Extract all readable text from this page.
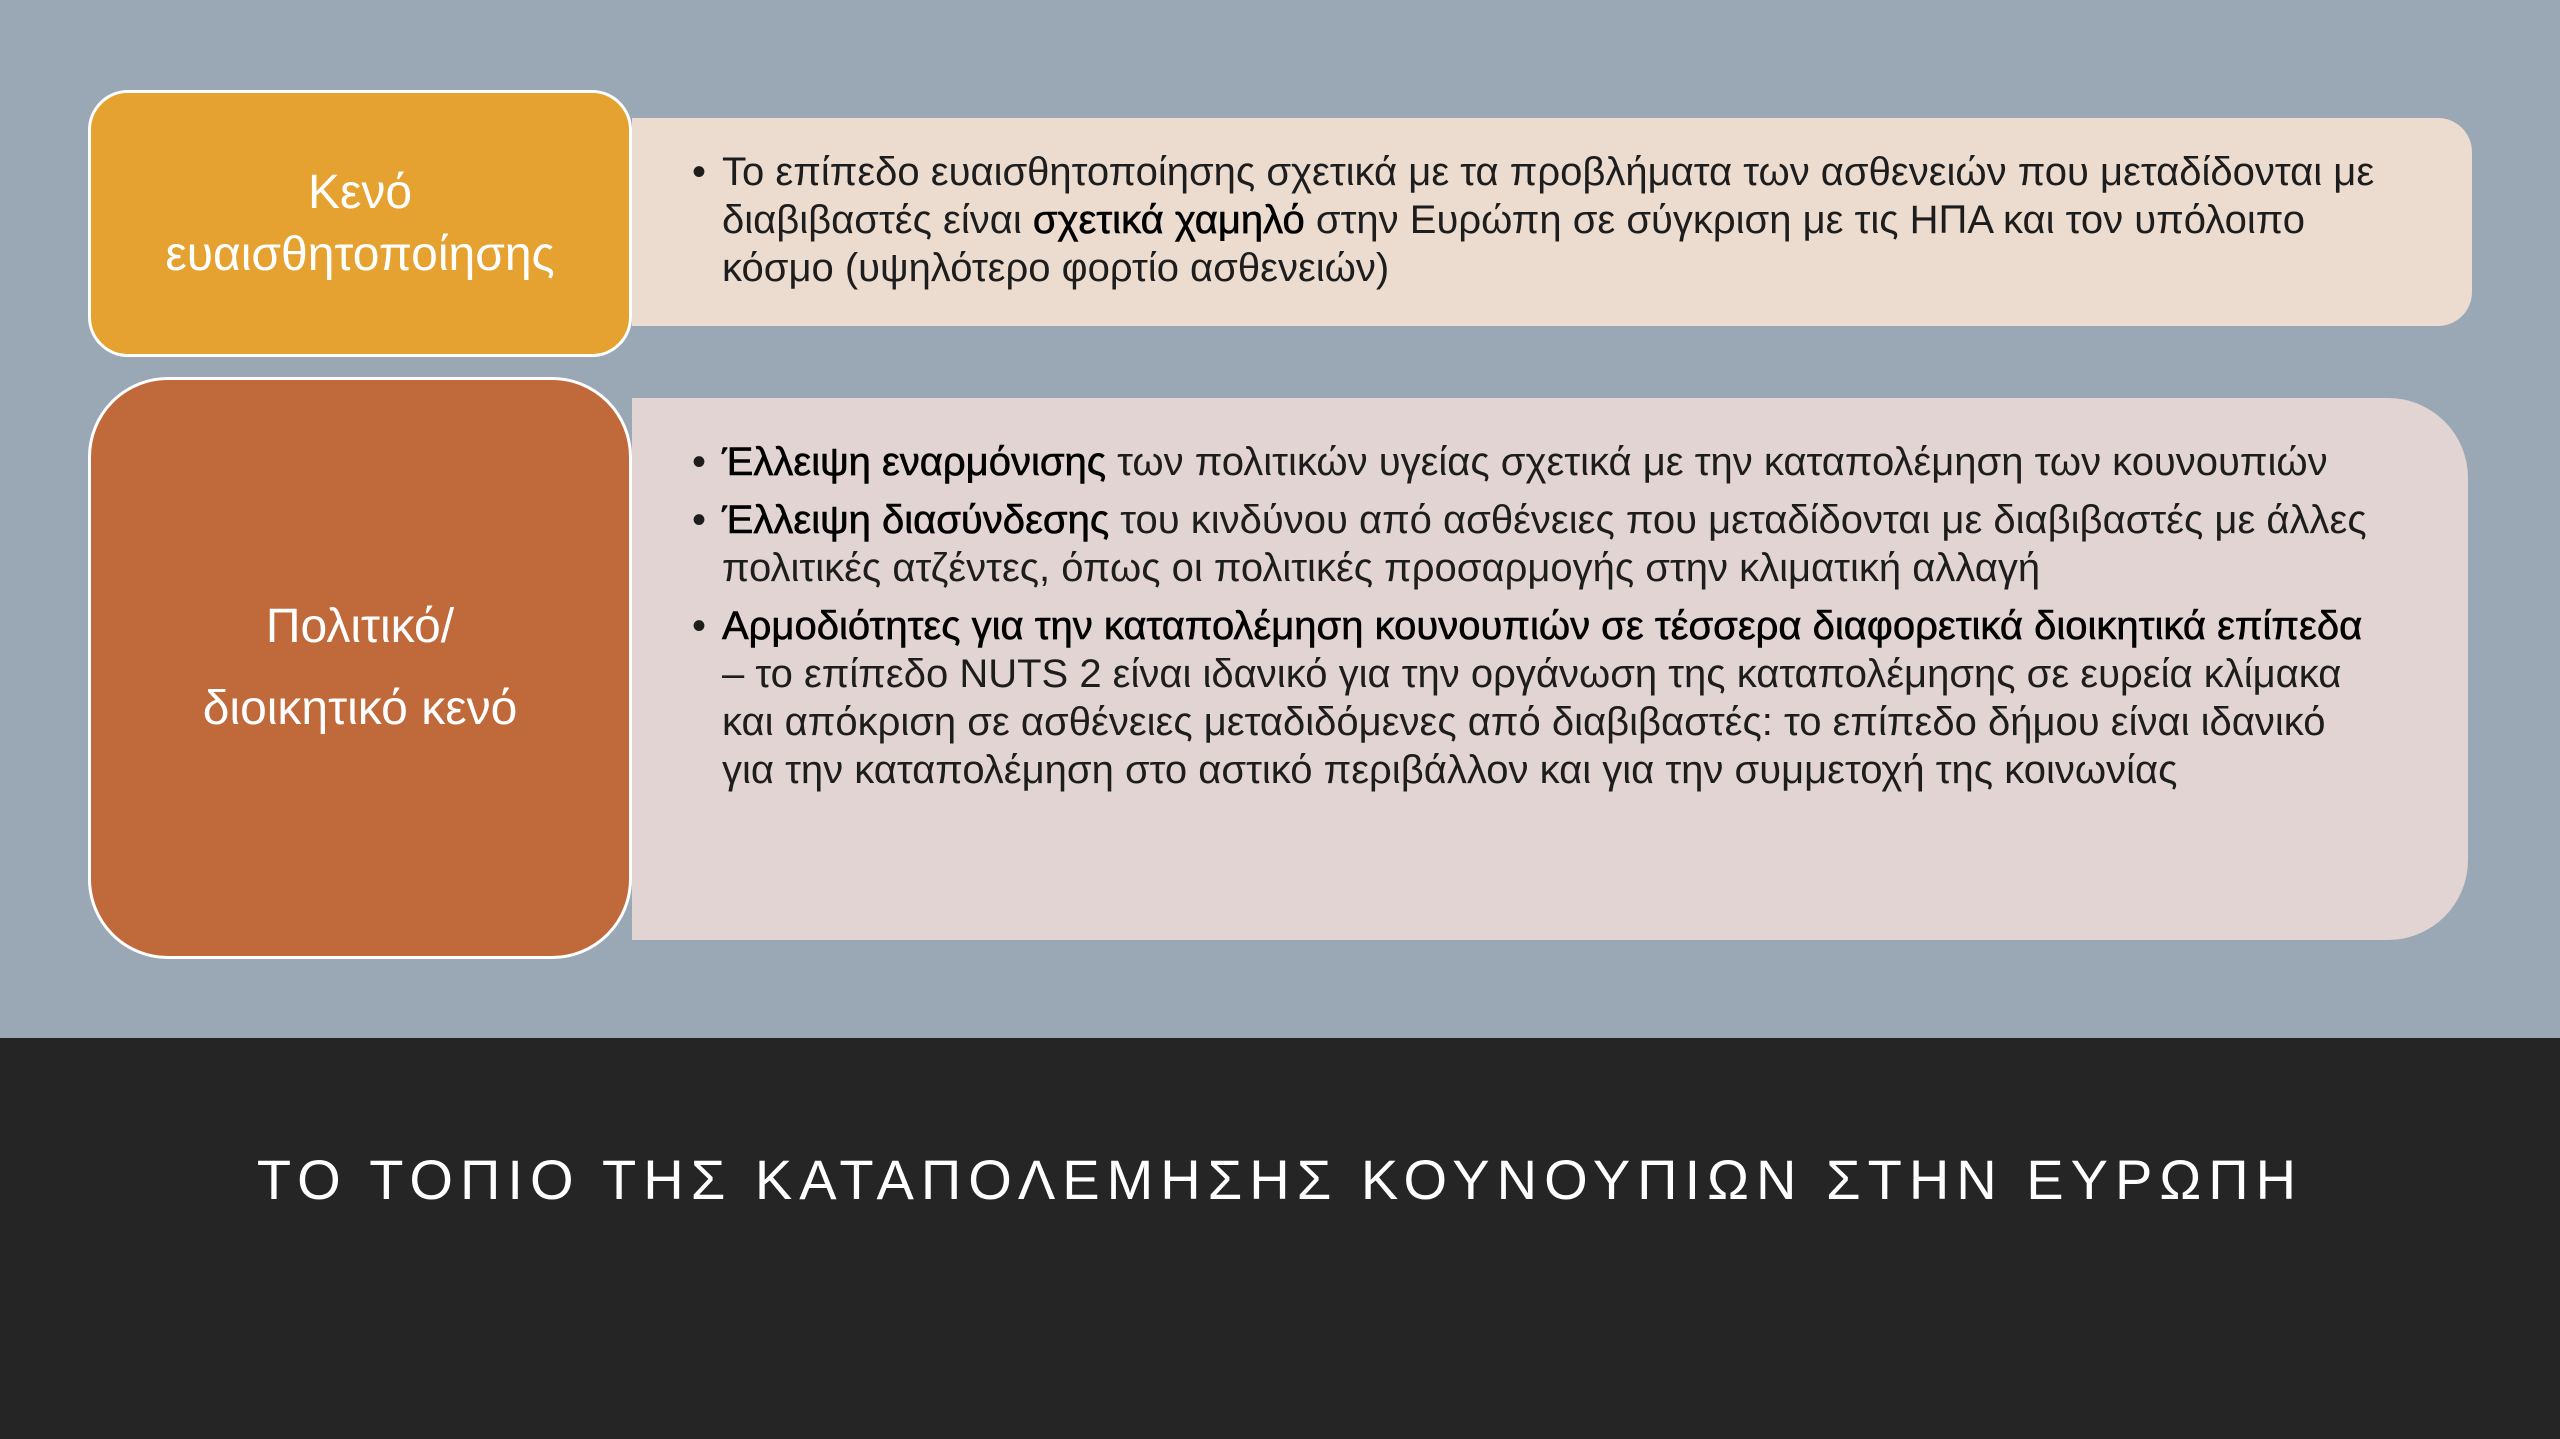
Κενό
ευαισθητοποίησης
• Το επίπεδο ευαισθητοποίησης σχετικά με τα προβλήματα των ασθενειών που μεταδίδονται με διαβιβαστές είναι σχετικά χαμηλό στην Ευρώπη σε σύγκριση με τις ΗΠΑ και τον υπόλοιπο κόσμο (υψηλότερο φορτίο ασθενειών)
Πολιτικό/
διοικητικό κενό
• Έλλειψη εναρμόνισης των πολιτικών υγείας σχετικά με την καταπολέμηση των κουνουπιών
• Έλλειψη διασύνδεσης του κινδύνου από ασθένειες που μεταδίδονται με διαβιβαστές με άλλες πολιτικές ατζέντες, όπως οι πολιτικές προσαρμογής στην κλιματική αλλαγή
• Αρμοδιότητες για την καταπολέμηση κουνουπιών σε τέσσερα διαφορετικά διοικητικά επίπεδα – το επίπεδο NUTS 2 είναι ιδανικό για την οργάνωση της καταπολέμησης σε ευρεία κλίμακα και απόκριση σε ασθένειες μεταδιδόμενες από διαβιβαστές: το επίπεδο δήμου είναι ιδανικό για την καταπολέμηση στο αστικό περιβάλλον και για την συμμετοχή της κοινωνίας
ΤΟ ΤΟΠΙΟ ΤΗΣ ΚΑΤΑΠΟΛΕΜΗΣΗΣ ΚΟΥΝΟΥΠΙΩΝ ΣΤΗΝ ΕΥΡΩΠΗ
